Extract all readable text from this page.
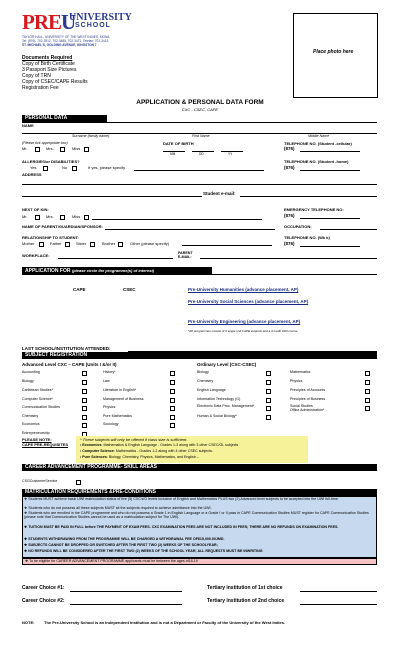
PREU
UNIVERSITY
SCHOOL
TAYLOR HALL, UNIVERSITY OF THE WEST INDIES, MONA
Tel: (876)- 702-3912, 702-3485, 702-3471, Telefax: 702-3413
ST. MICHAEL'S, GOLDING AVENUE, KINGSTON 7
Place photo here
Documents Required
Copy of Birth Certificate
3 Passport Size Pictures
Copy of TRN
Copy of CSEC/CAPE Results
Registration Fee
APPLICATION & PERSONAL DATA FORM
CXC - CSEC, CAPE
PERSONAL DATA
NAME
Surname (family name)	First Name	Middle Name
(Please tick appropriate box)
Mr.	Mrs.	Miss
DATE OF BIRTH
MM	DD	YY
TELEPHONE NO. (Student -cellular)
(876)
ALLERGIES/or DISABILITIES?
Yes	No	If yes, please specify
TELEPHONE NO. (Student -home)
(876)
ADDRESS
Student e-mail:
NEXT OF KIN:
Mr.	Mrs.	Miss
EMERGENCY TELEPHONE NO:
(876)
NAME OF PARENT/GUARDIAN/SPONSOR:	OCCUPATION:
RELATIONSHIP TO STUDENT:
Mother	Father	Sister	Brother	Other (please specify)
TELEPHONE NO. (Wk k)
(876)
WORKPLACE:	PARENT
E-MAIL:
APPLICATION FOR (please circle the programme(s) of interest)
CAPE	CSEC	Pre-University Humanities (advance placement, AP)
Pre-University Social Sciences (advance placement, AP)
Pre-University Engineering (advance placement, AP)
*AP programmes consist of 3 single unit CAPE subjects and a 3 credit UWI course
LAST SCHOOL/INSTITUTION ATTENDED:
SUBJECT REGISTRATION
Advanced Level CXC – CAPE (Units I &/or II)	Ordinary Level (CXC-CSEC)
Accounting
Biology
Caribbean Studies*
Computer Science*
Communication Studies
Chemistry
Economics
Entrepreneurship
History*
Law
Literature in English*
Management of Business
Physics
Pure Mathematics
Sociology
Biology
Chemistry
English Language
Information Technology (G)
Electronic Data Proc. Management*
Human & Social Biology*
Mathematics
Physics
Principles of Accounts
Principles of Business
Social Studies
Office Administration*
PLEASE NOTE:
CAPE PRE-REQUISITES
* These subjects will only be offered if class size is sufficient.
• Economics: Mathematics & English Language - Grades 1-3 along with 3 other CSEC/GL subjects
• Computer Science: Mathematics - Grades 1-2 along with 4 other CSEC subjects.
• Pure Sciences: Biology, Chemistry, Physics, Mathematics, and English –
CAREER ADVANCEMENT PROGRAMME- SKILL AREAS
CSGCustomerService
MATRICULATION REQUIREMENTS &PRE-CONDITIONS
❖ Students MUST achieve basic UWI matriculation status of five (5) CXC's/O levels inclusive of English and Mathematics PLUS two (2) Advanced level subjects to be accepted into the UWI full-time.
❖ Students who do not possess all these subjects MUST sit the subjects required to achieve admittance into the UWI.
❖ Students who are enrolled in the CAPE programme and who do not possess a Grade 1 in English Language or a Grade I or II pass in CAPE Communication Studies MUST register for CAPE Communication Studies (please note that Communication Studies cannot be used as a matriculation subject for The UWI).
❖ TUITION MUST BE PAID IN FULL before THE PAYMENT OF EXAM FEES. CXC EXAMINATION FEES ARE NOT INCLUDED IN FEES; THERE ARE NO REFUNDS ON EXAMINATION FEES.
❖ STUDENTS WITHDRAWING FROM THE PROGRAMME WILL BE CHARGED A WITHDRAWAL FEE OF$15,000.00JMD.
❖ SUBJECTS CANNOT BE DROPPED OR SWITCHED AFTER THE FIRST TWO (2) WEEKS OF THE SCHOOLYEAR;
❖ NO REFUNDS WILL BE CONSIDERED AFTER THE FIRST TWO (2) WEEKS OF THE SCHOOL YEAR; ALL REQUESTS MUST BE INWRITING
❖ To be eligible for CAREER ADVANCEMENT PROGRAMME applicants must be between the ages of18-19
Career Choice #1:	Tertiary institution of 1st choice
Career Choice #2:	Tertiary institution of 2nd choice
NOTE: The Pre-University School is an independent institution and is not a Department or Faculty of the University of the West Indies.
